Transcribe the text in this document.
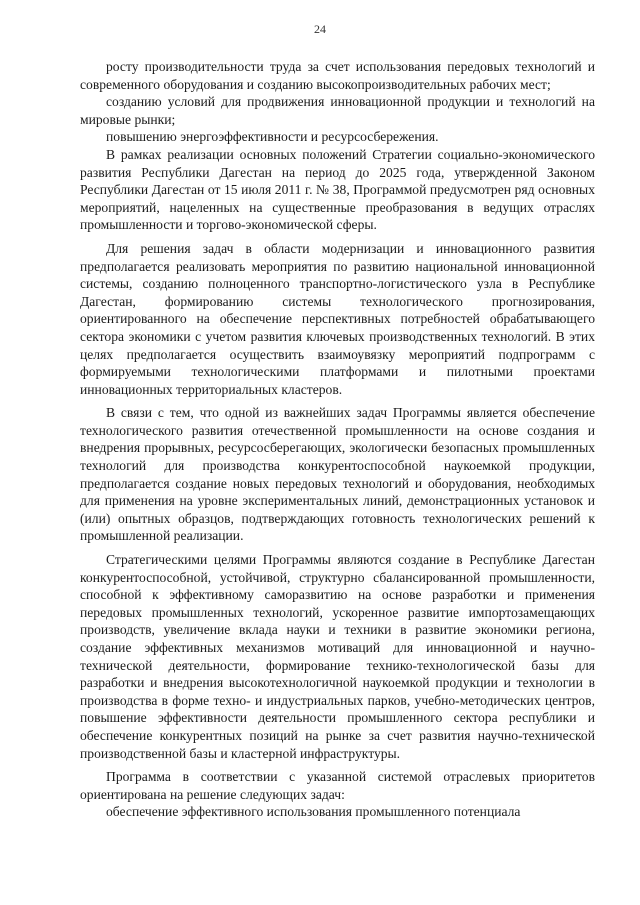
24

росту производительности труда за счет использования передовых технологий и современного оборудования и созданию высокопроизводительных рабочих мест;

созданию условий для продвижения инновационной продукции и технологий на мировые рынки;

повышению энергоэффективности и ресурсосбережения.

В рамках реализации основных положений Стратегии социально-экономического развития Республики Дагестан на период до 2025 года, утвержденной Законом Республики Дагестан от 15 июля 2011 г. № 38, Программой предусмотрен ряд основных мероприятий, нацеленных на существенные преобразования в ведущих отраслях промышленности и торгово-экономической сферы.

Для решения задач в области модернизации и инновационного развития предполагается реализовать мероприятия по развитию национальной инновационной системы, созданию полноценного транспортно-логистического узла в Республике Дагестан, формированию системы технологического прогнозирования, ориентированного на обеспечение перспективных потребностей обрабатывающего сектора экономики с учетом развития ключевых производственных технологий. В этих целях предполагается осуществить взаимоувязку мероприятий подпрограмм с формируемыми технологическими платформами и пилотными проектами инновационных территориальных кластеров.

В связи с тем, что одной из важнейших задач Программы является обеспечение технологического развития отечественной промышленности на основе создания и внедрения прорывных, ресурсосберегающих, экологически безопасных промышленных технологий для производства конкурентоспособной наукоемкой продукции, предполагается создание новых передовых технологий и оборудования, необходимых для применения на уровне экспериментальных линий, демонстрационных установок и (или) опытных образцов, подтверждающих готовность технологических решений к промышленной реализации.

Стратегическими целями Программы являются создание в Республике Дагестан конкурентоспособной, устойчивой, структурно сбалансированной промышленности, способной к эффективному саморазвитию на основе разработки и применения передовых промышленных технологий, ускоренное развитие импортозамещающих производств, увеличение вклада науки и техники в развитие экономики региона, создание эффективных механизмов мотиваций для инновационной и научно-технической деятельности, формирование технико-технологической базы для разработки и внедрения высокотехнологичной наукоемкой продукции и технологии в производства в форме техно- и индустриальных парков, учебно-методических центров, повышение эффективности деятельности промышленного сектора республики и обеспечение конкурентных позиций на рынке за счет развития научно-технической производственной базы и кластерной инфраструктуры.

Программа в соответствии с указанной системой отраслевых приоритетов ориентирована на решение следующих задач:

обеспечение эффективного использования промышленного потенциала
